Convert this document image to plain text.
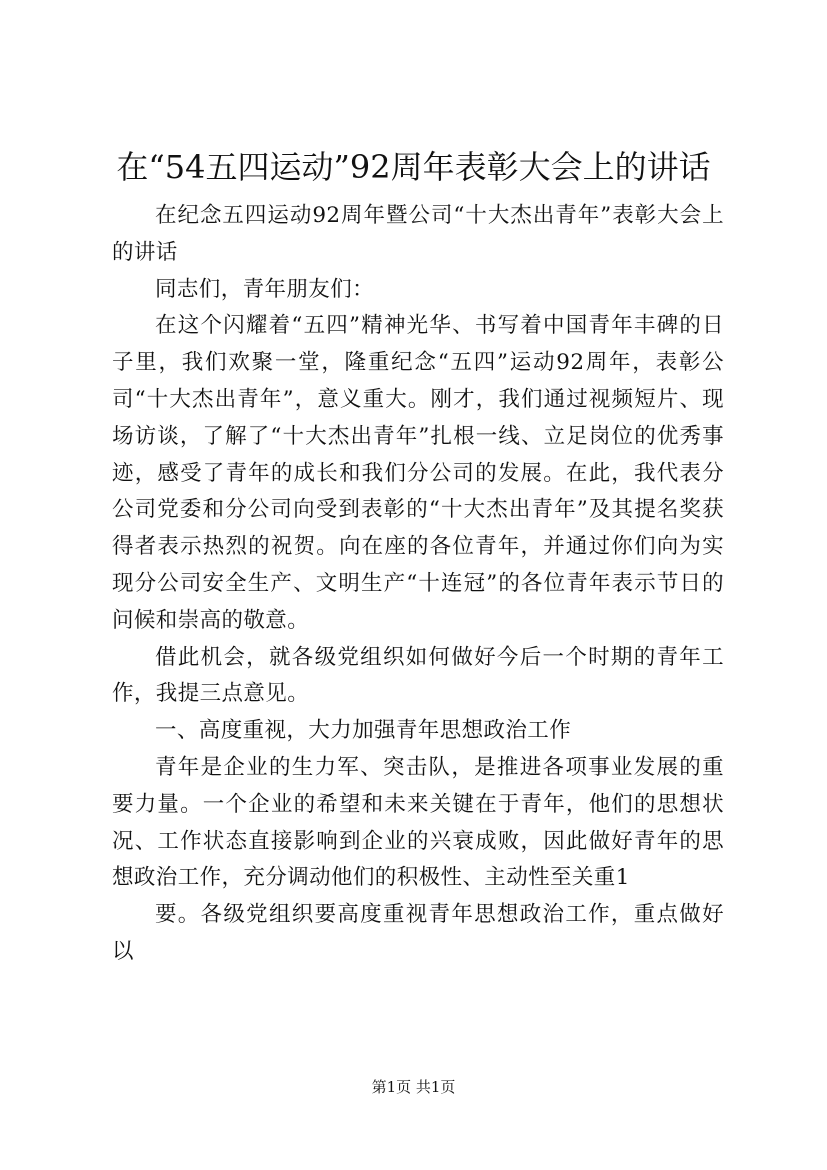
在“54五四运动”92周年表彰大会上的讲话

在纪念五四运动92周年暨公司“十大杰出青年”表彰大会上的讲话

同志们，青年朋友们：

在这个闪耀着“五四”精神光华、书写着中国青年丰碑的日子里，我们欢聚一堂，隆重纪念“五四”运动92周年，表彰公司“十大杰出青年”，意义重大。刚才，我们通过视频短片、现场访谈，了解了“十大杰出青年”扎根一线、立足岗位的优秀事迹，感受了青年的成长和我们分公司的发展。在此，我代表分公司党委和分公司向受到表彰的“十大杰出青年”及其提名奖获得者表示热烈的祝贺。向在座的各位青年，并通过你们向为实现分公司安全生产、文明生产“十连冠”的各位青年表示节日的问候和崇高的敬意。

借此机会，就各级党组织如何做好今后一个时期的青年工作，我提三点意见。

一、高度重视，大力加强青年思想政治工作

青年是企业的生力军、突击队，是推进各项事业发展的重要力量。一个企业的希望和未来关键在于青年，他们的思想状况、工作状态直接影响到企业的兴衰成败，因此做好青年的思想政治工作，充分调动他们的积极性、主动性至关重1

要。各级党组织要高度重视青年思想政治工作，重点做好以

第1页 共1页
